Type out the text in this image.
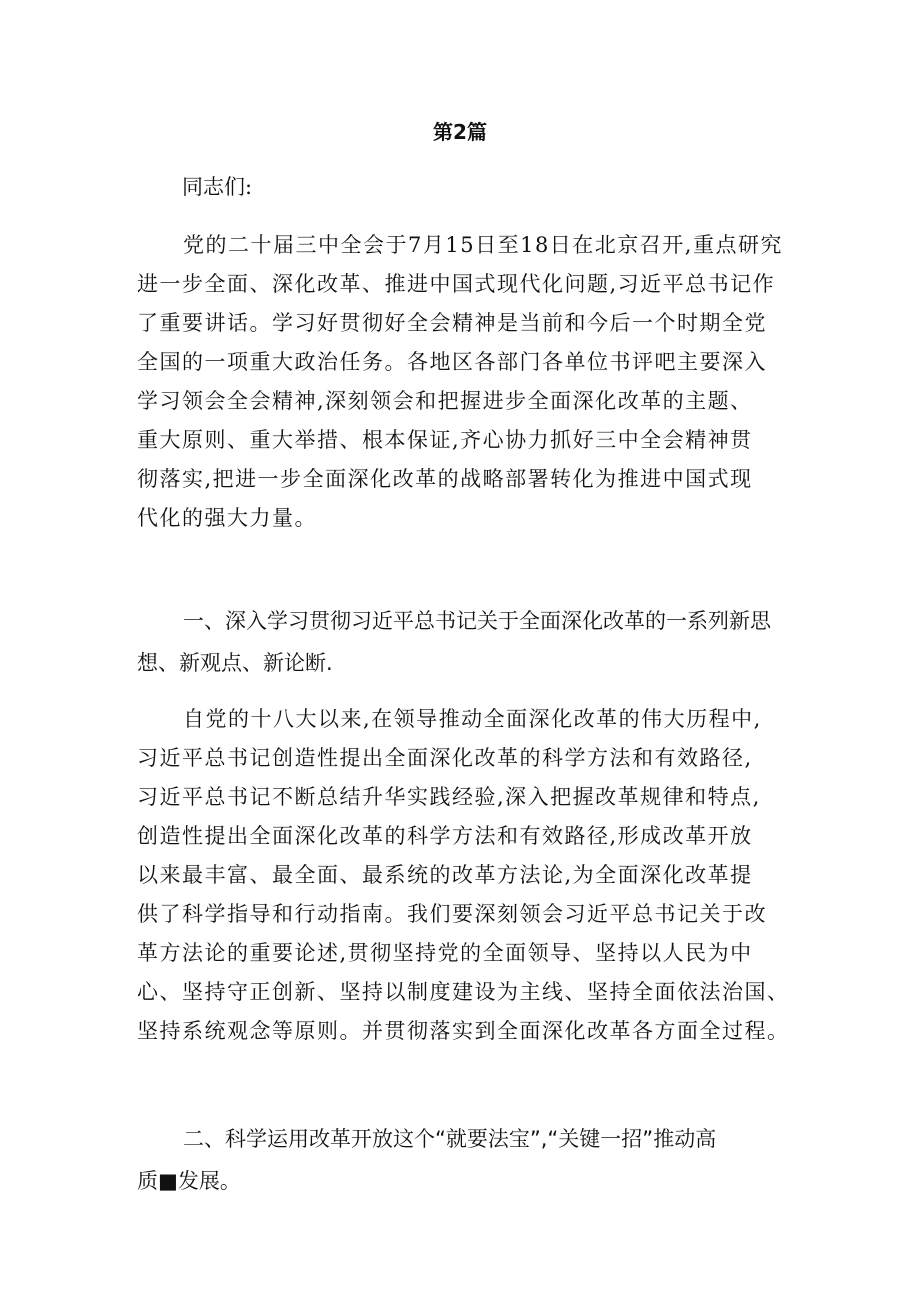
第2篇
同志们:
党的二十届三中全会于7月15日至18日在北京召开,重点研究
进一步全面、深化改革、推进中国式现代化问题,习近平总书记作
了重要讲话。学习好贯彻好全会精神是当前和今后一个时期全党
全国的一项重大政治任务。各地区各部门各单位书评吧主要深入
学习领会全会精神,深刻领会和把握进步全面深化改革的主题、
重大原则、重大举措、根本保证,齐心协力抓好三中全会精神贯
彻落实,把进一步全面深化改革的战略部署转化为推进中国式现
代化的强大力量。
一、深入学习贯彻习近平总书记关于全面深化改革的一系列新思
想、新观点、新论断.
自党的十八大以来,在领导推动全面深化改革的伟大历程中,
习近平总书记创造性提出全面深化改革的科学方法和有效路径,
习近平总书记不断总结升华实践经验,深入把握改革规律和特点,
创造性提出全面深化改革的科学方法和有效路径,形成改革开放
以来最丰富、最全面、最系统的改革方法论,为全面深化改革提
供了科学指导和行动指南。我们要深刻领会习近平总书记关于改
革方法论的重要论述,贯彻坚持党的全面领导、坚持以人民为中
心、坚持守正创新、坚持以制度建设为主线、坚持全面依法治国、
坚持系统观念等原则。并贯彻落实到全面深化改革各方面全过程。
二、科学运用改革开放这个“就要法宝”,“关键一招”推动高
质■发展。
